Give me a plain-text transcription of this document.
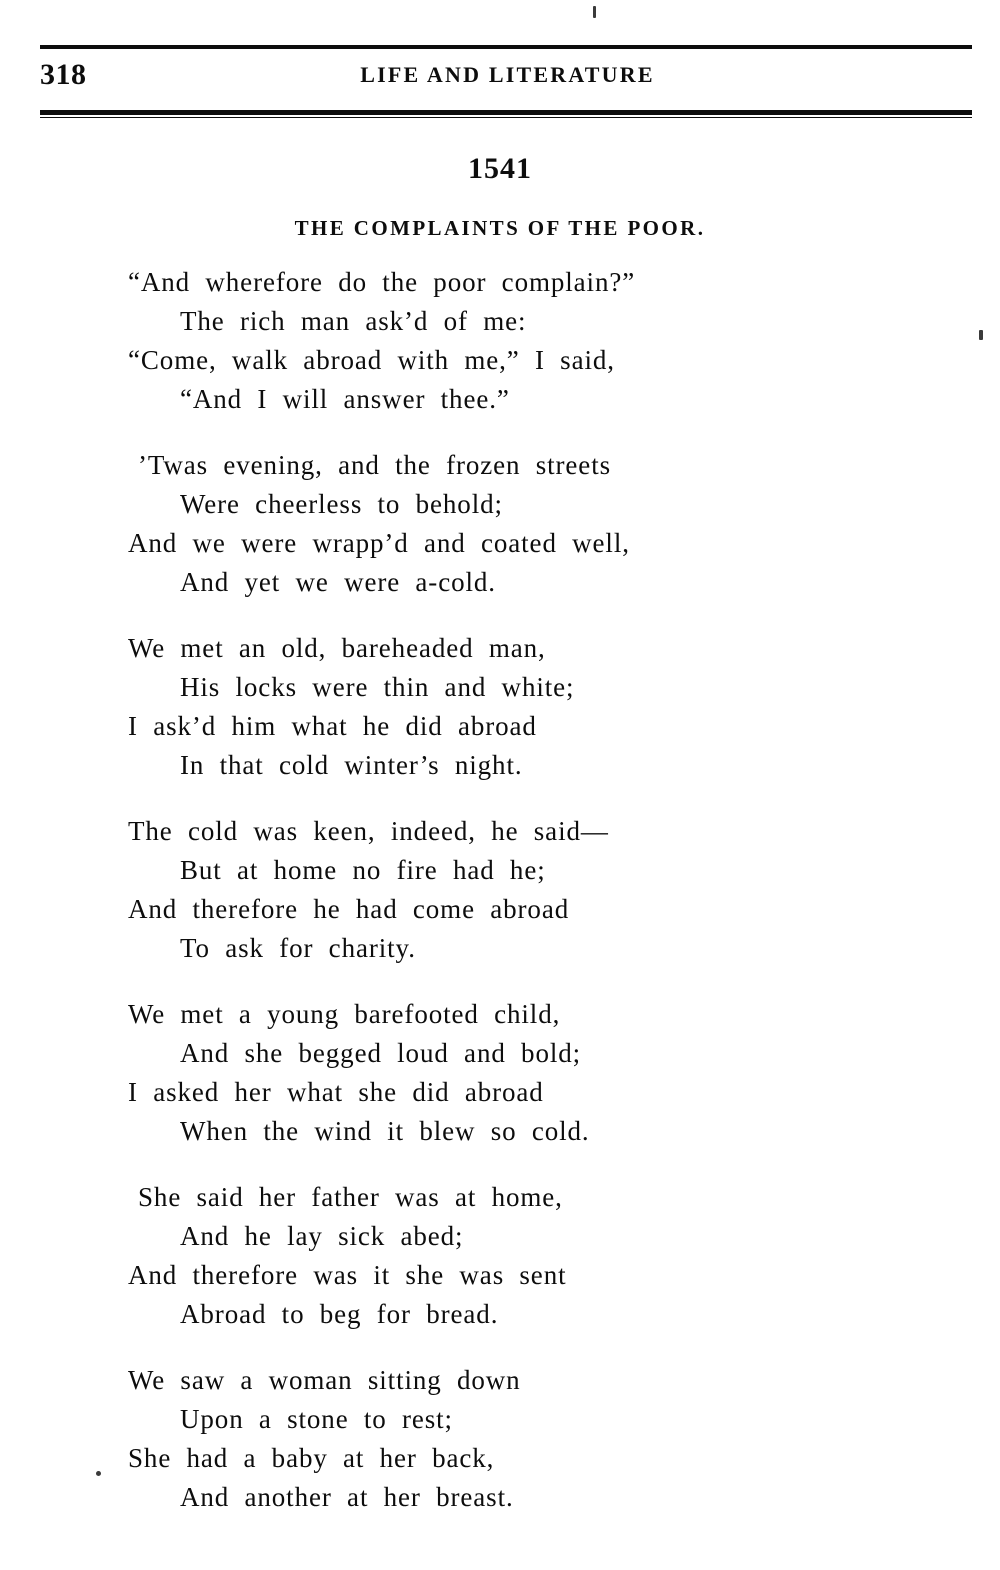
318	LIFE AND LITERATURE
1541
THE COMPLAINTS OF THE POOR.
“And  wherefore  do  the  poor  complain?”
The  rich  man  ask’d  of  me:
“Come,  walk  abroad  with  me,”  I  said,
“And  I  will  answer  thee.”
’Twas  evening,  and  the  frozen  streets
Were  cheerless  to  behold;
And  we  were  wrapp’d  and  coated  well,
And  yet  we  were  a-cold.
We  met  an  old,  bareheaded  man,
His  locks  were  thin  and  white;
I  ask’d  him  what  he  did  abroad
In  that  cold  winter’s  night.
The  cold  was  keen,  indeed,  he  said—
But  at  home  no  fire  had  he;
And  therefore  he  had  come  abroad
To  ask  for  charity.
We  met  a  young  barefooted  child,
And  she  begged  loud  and  bold;
I  asked  her  what  she  did  abroad
When  the  wind  it  blew  so  cold.
She  said  her  father  was  at  home,
And  he  lay  sick  abed;
And  therefore  was  it  she  was  sent
Abroad  to  beg  for  bread.
We  saw  a  woman  sitting  down
Upon  a  stone  to  rest;
She  had  a  baby  at  her  back,
And  another  at  her  breast.
